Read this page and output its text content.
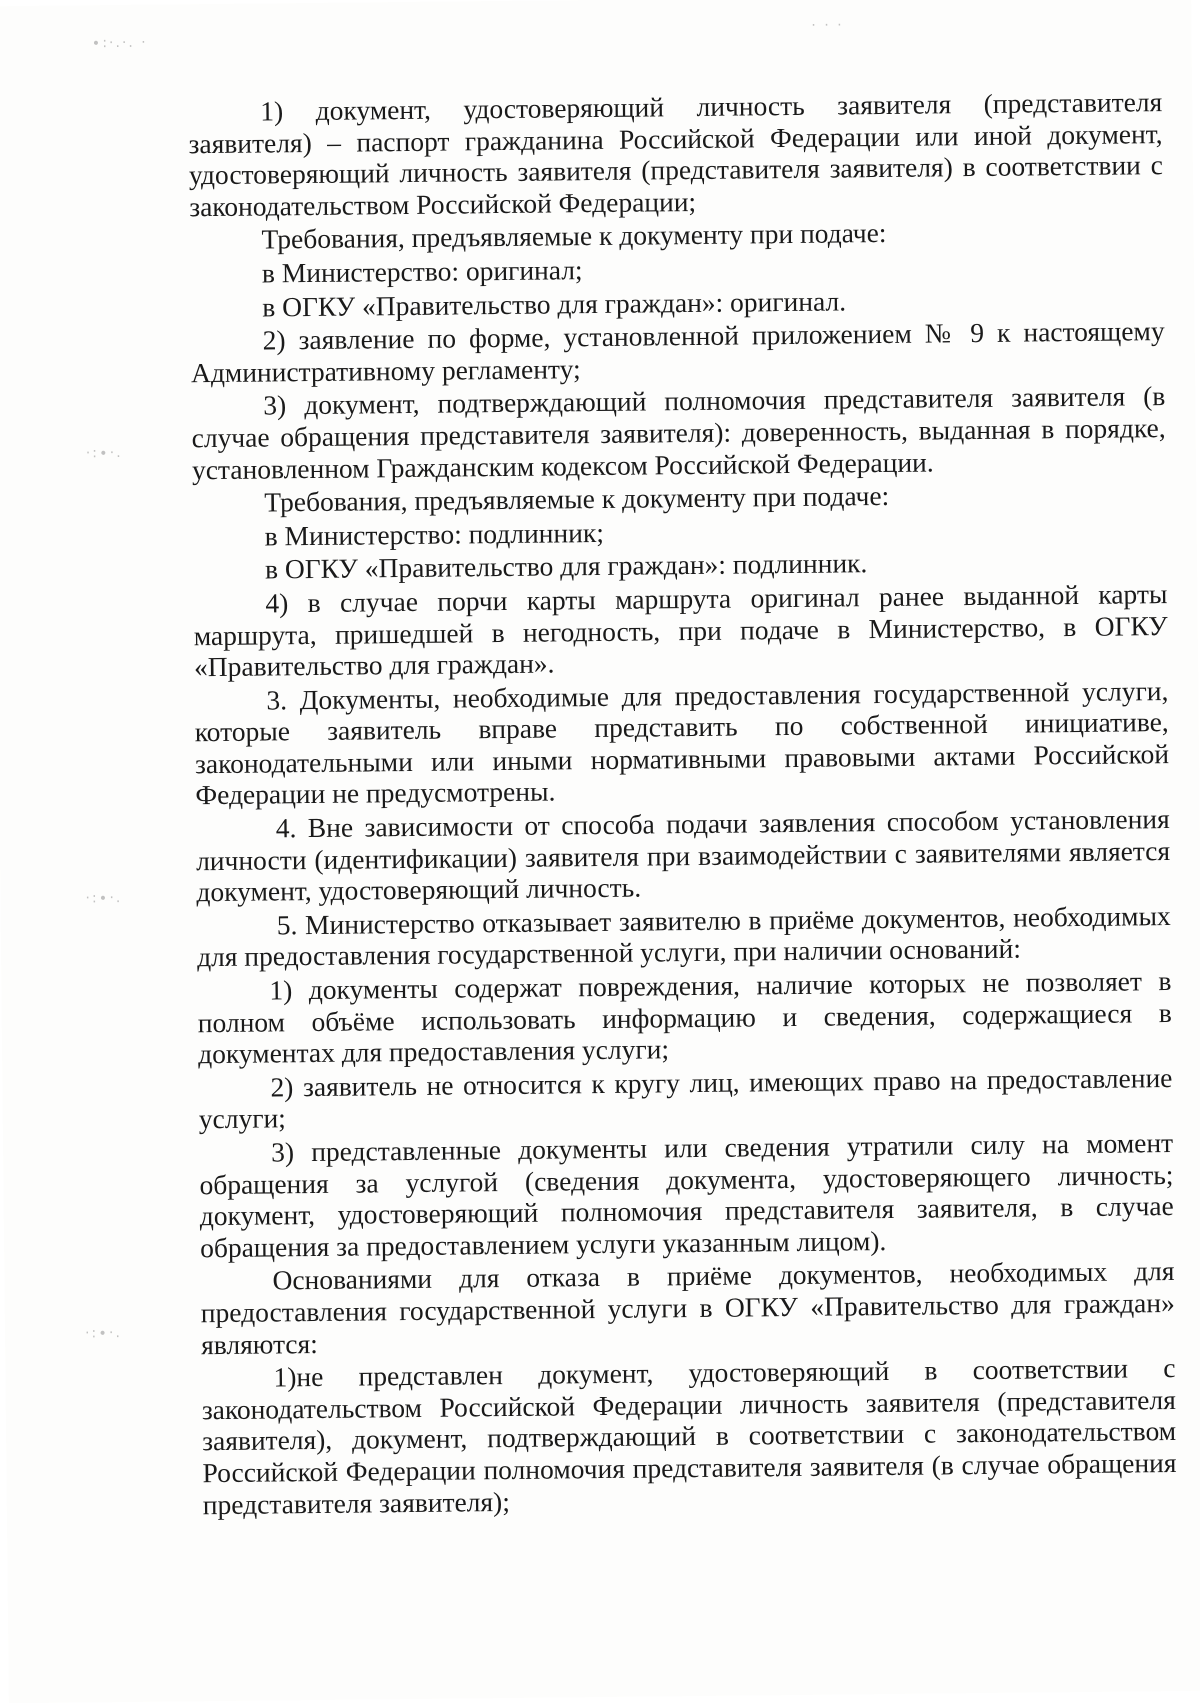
∙:·.·. ·
· · ·
·:∙·.
·:∙·.
·:∙·.

1) документ, удостоверяющий личность заявителя (представителя заявителя) – паспорт гражданина Российской Федерации или иной документ, удостоверяющий личность заявителя (представителя заявителя) в соответствии с законодательством Российской Федерации;

Требования, предъявляемые к документу при подаче:

в Министерство: оригинал;

в ОГКУ «Правительство для граждан»: оригинал.

2) заявление по форме, установленной приложением № 9 к настоящему Административному регламенту;

3) документ, подтверждающий полномочия представителя заявителя (в случае обращения представителя заявителя): доверенность, выданная в порядке, установленном Гражданским кодексом Российской Федерации.

Требования, предъявляемые к документу при подаче:

в Министерство: подлинник;

в ОГКУ «Правительство для граждан»: подлинник.

4) в случае порчи карты маршрута оригинал ранее выданной карты маршрута, пришедшей в негодность, при подаче в Министерство, в ОГКУ «Правительство для граждан».

3. Документы, необходимые для предоставления государственной услуги, которые заявитель вправе представить по собственной инициативе, законодательными или иными нормативными правовыми актами Российской Федерации не предусмотрены.

4. Вне зависимости от способа подачи заявления способом установления личности (идентификации) заявителя при взаимодействии с заявителями является документ, удостоверяющий личность.

5. Министерство отказывает заявителю в приёме документов, необходимых для предоставления государственной услуги, при наличии оснований:

1) документы содержат повреждения, наличие которых не позволяет в полном объёме использовать информацию и сведения, содержащиеся в документах для предоставления услуги;

2) заявитель не относится к кругу лиц, имеющих право на предоставление услуги;

3) представленные документы или сведения утратили силу на момент обращения за услугой (сведения документа, удостоверяющего личность; документ, удостоверяющий полномочия представителя заявителя, в случае обращения за предоставлением услуги указанным лицом).

Основаниями для отказа в приёме документов, необходимых для предоставления государственной услуги в ОГКУ «Правительство для граждан» являются:

1)не представлен документ, удостоверяющий в соответствии с законодательством Российской Федерации личность заявителя (представителя заявителя), документ, подтверждающий в соответствии с законодательством Российской Федерации полномочия представителя заявителя (в случае обращения представителя заявителя);
